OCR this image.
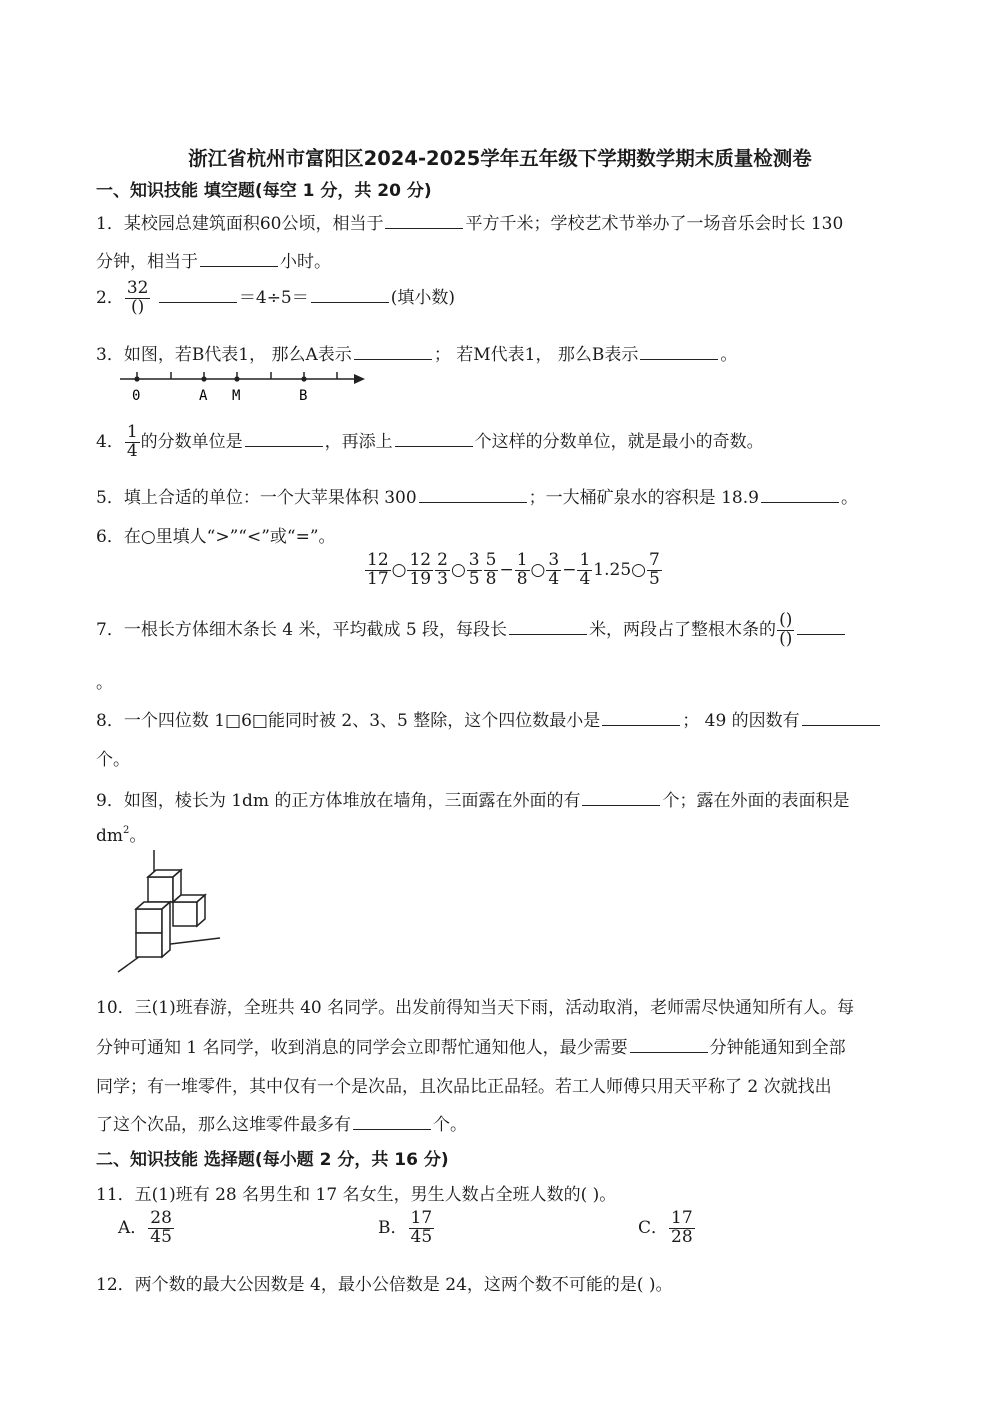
浙江省杭州市富阳区2024-2025学年五年级下学期数学期末质量检测卷
一、知识技能 填空题(每空 1 分，共 20 分)
1．某校园总建筑面积60公顷，相当于	平方千米；学校艺术节举办了一场音乐会时长 130
分钟，相当于	小时。
2． $\frac{32}{()}$	＝4÷5＝	(填小数)
3．如图，若B代表1， 那么A表示	； 若M代表1， 那么B表示	。
0	A M	B
4． $\frac{1}{4}$ 的分数单位是	，再添上	个这样的分数单位，就是最小的奇数。
5．填上合适的单位：一个大苹果体积 300	；一大桶矿泉水的容积是 18.9	。
6．在○里填人“>”“<”或“=”。
$\frac{12}{17}$ ○ $\frac{12}{19} \frac{2}{3}$ ○ $\frac{3}{5} \frac{5}{8} - \frac{1}{8}$ ○ $\frac{3}{4} - \frac{1}{4}$ 1.25○ $\frac{7}{5}$
7．一根长方体细木条长 4 米，平均截成 5 段，每段长	米，两段占了整根木条的 $\frac{()}{()}$
。
8．一个四位数 1□6□能同时被 2、3、5 整除，这个四位数最小是	； 49 的因数有
个。
9．如图，棱长为 1dm 的正方体堆放在墙角，三面露在外面的有	个；露在外面的表面积是
$dm^2$。
10．三(1)班春游，全班共 40 名同学。出发前得知当天下雨，活动取消，老师需尽快通知所有人。每
分钟可通知 1 名同学，收到消息的同学会立即帮忙通知他人，最少需要	分钟能通知到全部
同学；有一堆零件，其中仅有一个是次品，且次品比正品轻。若工人师傅只用天平称了 2 次就找出
了这个次品，那么这堆零件最多有	个。
二、知识技能 选择题(每小题 2 分，共 16 分)
11．五(1)班有 28 名男生和 17 名女生，男生人数占全班人数的( )。
A． $\frac{28}{45}$	B． $\frac{17}{45}$	C． $\frac{17}{28}$
12．两个数的最大公因数是 4，最小公倍数是 24，这两个数不可能的是( )。
